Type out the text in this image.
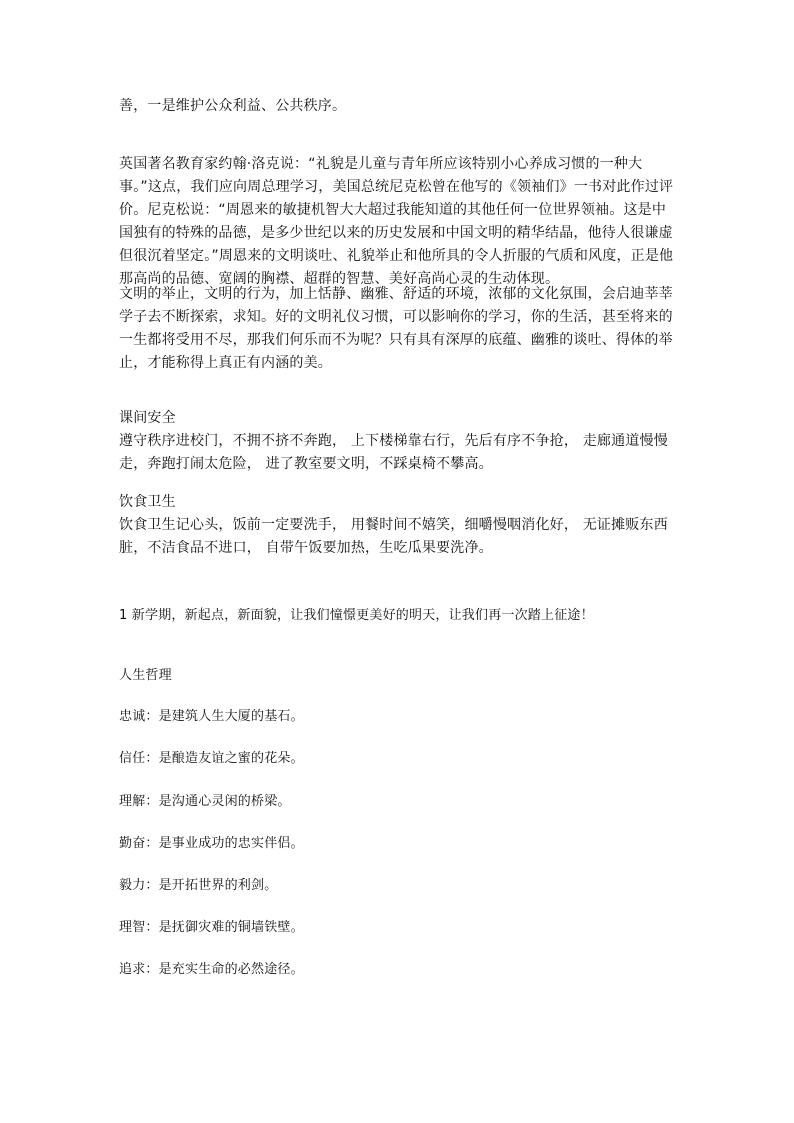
善，一是维护公众利益、公共秩序。

英国著名教育家约翰·洛克说：“礼貌是儿童与青年所应该特别小心养成习惯的一种大事。”这点，我们应向周总理学习，美国总统尼克松曾在他写的《领袖们》一书对此作过评价。尼克松说：“周恩来的敏捷机智大大超过我能知道的其他任何一位世界领袖。这是中国独有的特殊的品德，是多少世纪以来的历史发展和中国文明的精华结晶，他待人很谦虚但很沉着坚定。”周恩来的文明谈吐、礼貌举止和他所具的令人折服的气质和风度，正是他那高尚的品德、宽阔的胸襟、超群的智慧、美好高尚心灵的生动体现。

文明的举止，文明的行为，加上恬静、幽雅、舒适的环境，浓郁的文化氛围，会启迪莘莘学子去不断探索，求知。好的文明礼仪习惯，可以影响你的学习，你的生活，甚至将来的一生都将受用不尽，那我们何乐而不为呢？只有具有深厚的底蕴、幽雅的谈吐、得体的举止，才能称得上真正有内涵的美。

课间安全

遵守秩序进校门，不拥不挤不奔跑， 上下楼梯靠右行，先后有序不争抢， 走廊通道慢慢走，奔跑打闹太危险， 进了教室要文明，不踩桌椅不攀高。

饮食卫生

饮食卫生记心头，饭前一定要洗手， 用餐时间不嬉笑，细嚼慢咽消化好， 无证摊贩东西脏，不洁食品不进口， 自带午饭要加热，生吃瓜果要洗净。

1 新学期，新起点，新面貌，让我们憧憬更美好的明天，让我们再一次踏上征途！

人生哲理

忠诚：是建筑人生大厦的基石。

信任：是酿造友谊之蜜的花朵。

理解：是沟通心灵闲的桥梁。

勤奋：是事业成功的忠实伴侣。

毅力：是开拓世界的利剑。

理智：是抚御灾难的铜墙铁壁。

追求：是充实生命的必然途径。
